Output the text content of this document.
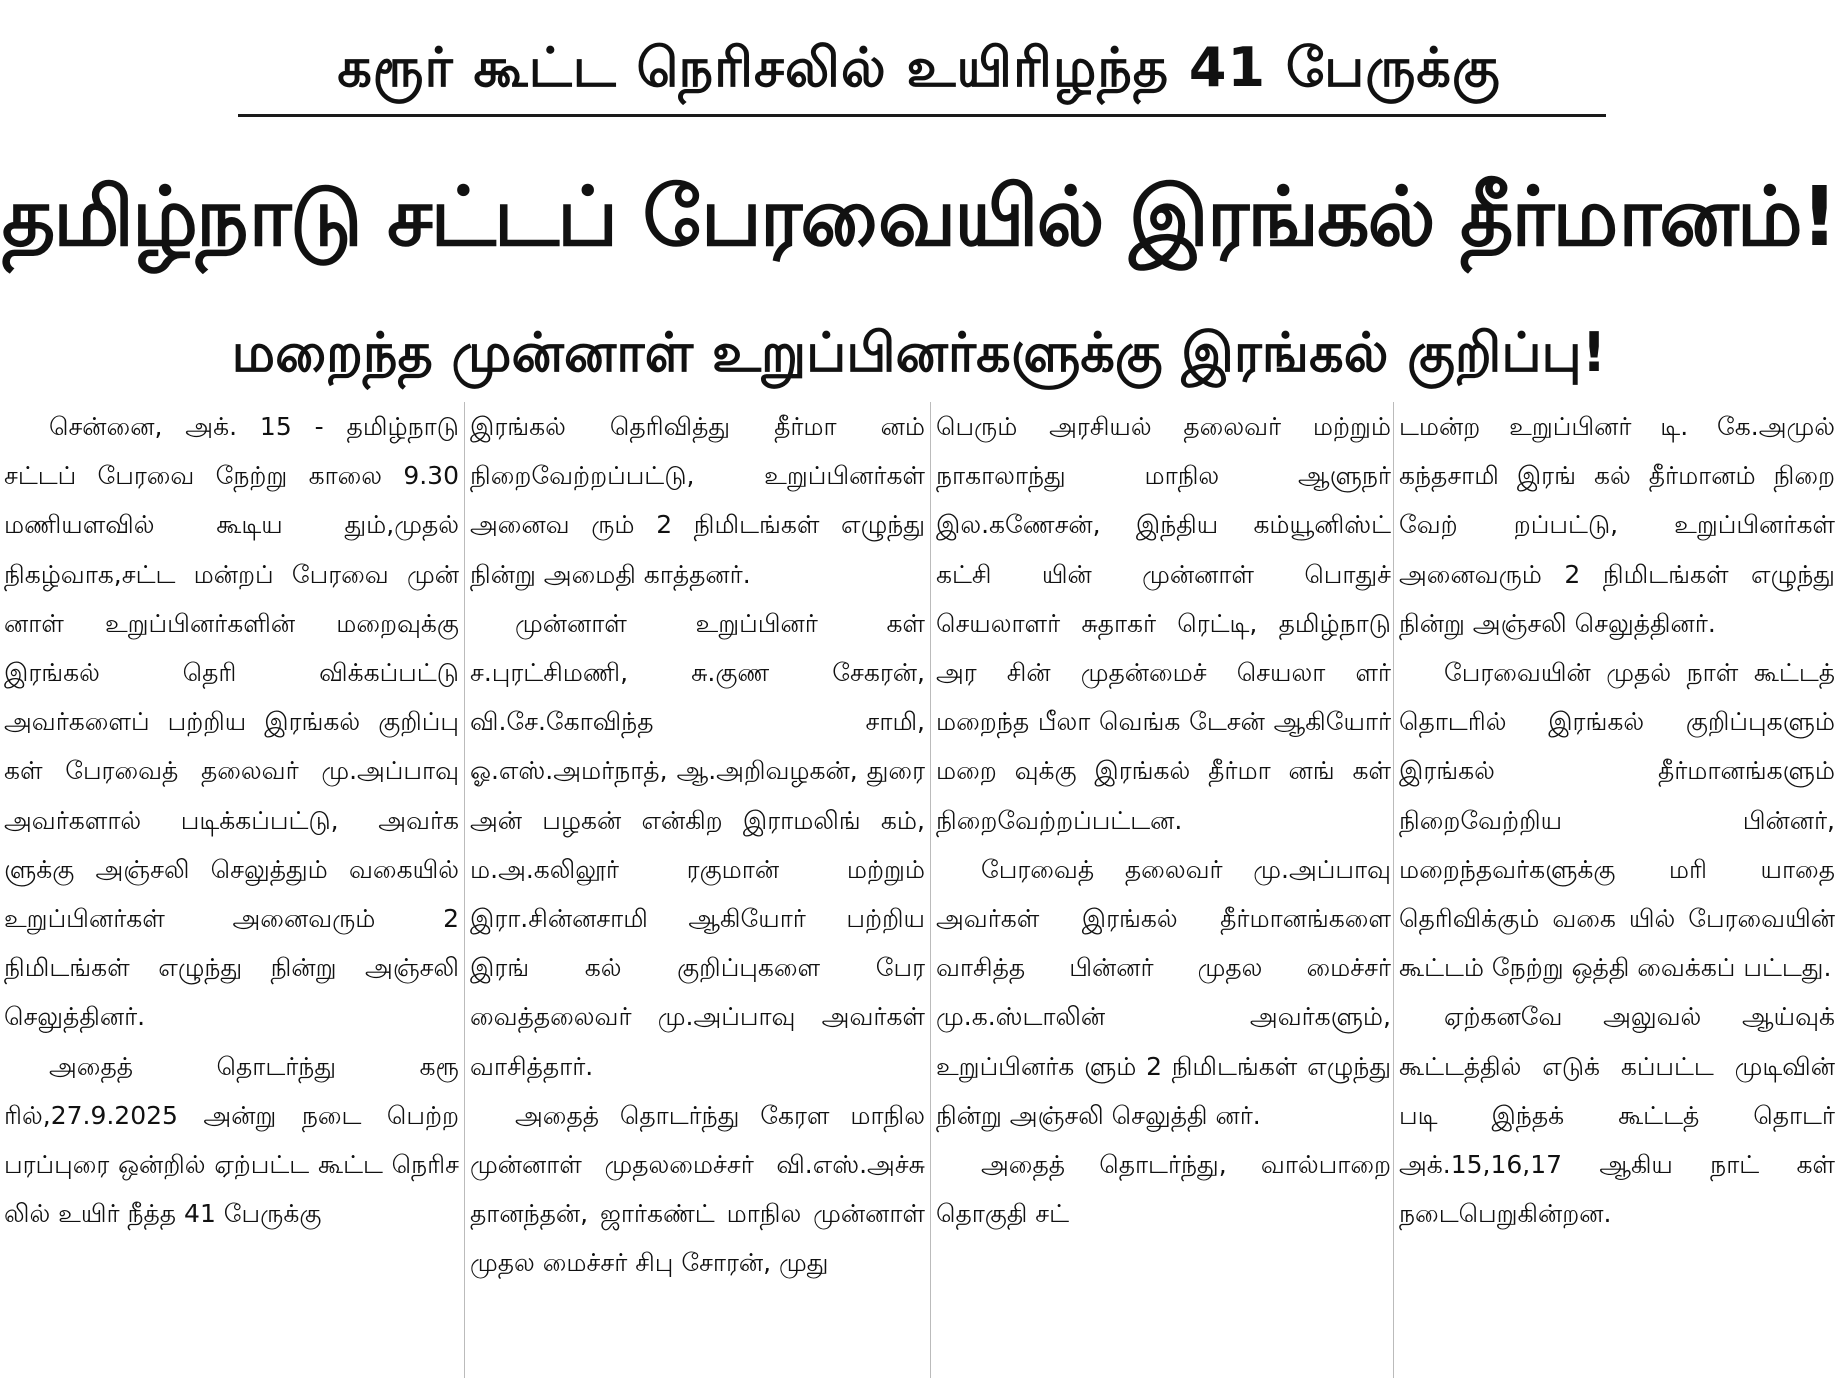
கரூர் கூட்ட நெரிசலில் உயிரிழந்த 41 பேருக்கு
தமிழ்நாடு சட்டப் பேரவையில் இரங்கல் தீர்மானம்!
மறைந்த முன்னாள் உறுப்பினர்களுக்கு இரங்கல் குறிப்பு!

சென்னை, அக். 15 - தமிழ்நாடு சட்டப் பேரவை நேற்று காலை 9.30 மணியளவில் கூடிய தும்,முதல் நிகழ்வாக,சட்ட மன்றப் பேரவை முன் னாள் உறுப்பினர்களின் மறைவுக்கு இரங்கல் தெரி விக்கப்பட்டு அவர்களைப் பற்றிய இரங்கல் குறிப்பு கள் பேரவைத் தலைவர் மு.அப்பாவு அவர்களால் படிக்கப்பட்டு, அவர்க ளுக்கு அஞ்சலி செலுத்தும் வகையில் உறுப்பினர்கள் அனைவரும் 2 நிமிடங்கள் எழுந்து நின்று அஞ்சலி செலுத்தினர்.

அதைத் தொடர்ந்து கரூ ரில்,27.9.2025 அன்று நடை பெற்ற பரப்புரை ஒன்றில் ஏற்பட்ட கூட்ட நெரிச லில் உயிர் நீத்த 41 பேருக்கு

இரங்கல் தெரிவித்து தீர்மா னம் நிறைவேற்றப்பட்டு, உறுப்பினர்கள் அனைவ ரும் 2 நிமிடங்கள் எழுந்து நின்று அமைதி காத்தனர்.

முன்னாள் உறுப்பினர் கள் ச.புரட்சிமணி, சு.குண சேகரன், வி.சே.கோவிந்த சாமி, ஓ.எஸ்.அமர்நாத், ஆ.அறிவழகன், துரை அன் பழகன் என்கிற இராமலிங் கம், ம.அ.கலிலூர் ரகுமான் மற்றும் இரா.சின்னசாமி ஆகியோர் பற்றிய இரங் கல் குறிப்புகளை பேர வைத்தலைவர் மு.அப்பாவு அவர்கள் வாசித்தார்.

அதைத் தொடர்ந்து கேரள மாநில முன்னாள் முதலமைச்சர் வி.எஸ்.அச்சு தானந்தன், ஜார்கண்ட் மாநில முன்னாள் முதல மைச்சர் சிபு சோரன், முது

பெரும் அரசியல் தலைவர் மற்றும் நாகாலாந்து மாநில ஆளுநர் இல.கணேசன், இந்திய கம்யூனிஸ்ட் கட்சி யின் முன்னாள் பொதுச் செயலாளர் சுதாகர் ரெட்டி, தமிழ்நாடு அர சின் முதன்மைச் செயலா ளர் மறைந்த பீலா வெங்க டேசன் ஆகியோர் மறை வுக்கு இரங்கல் தீர்மா னங் கள் நிறைவேற்றப்பட்டன.

பேரவைத் தலைவர் மு.அப்பாவு அவர்கள் இரங்கல் தீர்மானங்களை வாசித்த பின்னர் முதல மைச்சர் மு.க.ஸ்டாலின் அவர்களும், உறுப்பினர்க ளும் 2 நிமிடங்கள் எழுந்து நின்று அஞ்சலி செலுத்தி னர்.

அதைத் தொடர்ந்து, வால்பாறை தொகுதி சட்

டமன்ற உறுப்பினர் டி. கே.அமுல் கந்தசாமி இரங் கல் தீர்மானம் நிறை வேற் றப்பட்டு, உறுப்பினர்கள் அனைவரும் 2 நிமிடங்கள் எழுந்து நின்று அஞ்சலி செலுத்தினர்.

பேரவையின் முதல் நாள் கூட்டத் தொடரில் இரங்கல் குறிப்புகளும் இரங்கல் தீர்மானங்களும் நிறைவேற்றிய பின்னர், மறைந்தவர்களுக்கு மரி யாதை தெரிவிக்கும் வகை யில் பேரவையின் கூட்டம் நேற்று ஒத்தி வைக்கப் பட்டது.

ஏற்கனவே அலுவல் ஆய்வுக் கூட்டத்தில் எடுக் கப்பட்ட முடிவின் படி இந்தக் கூட்டத் தொடர் அக்.15,16,17 ஆகிய நாட் கள் நடைபெறுகின்றன.
